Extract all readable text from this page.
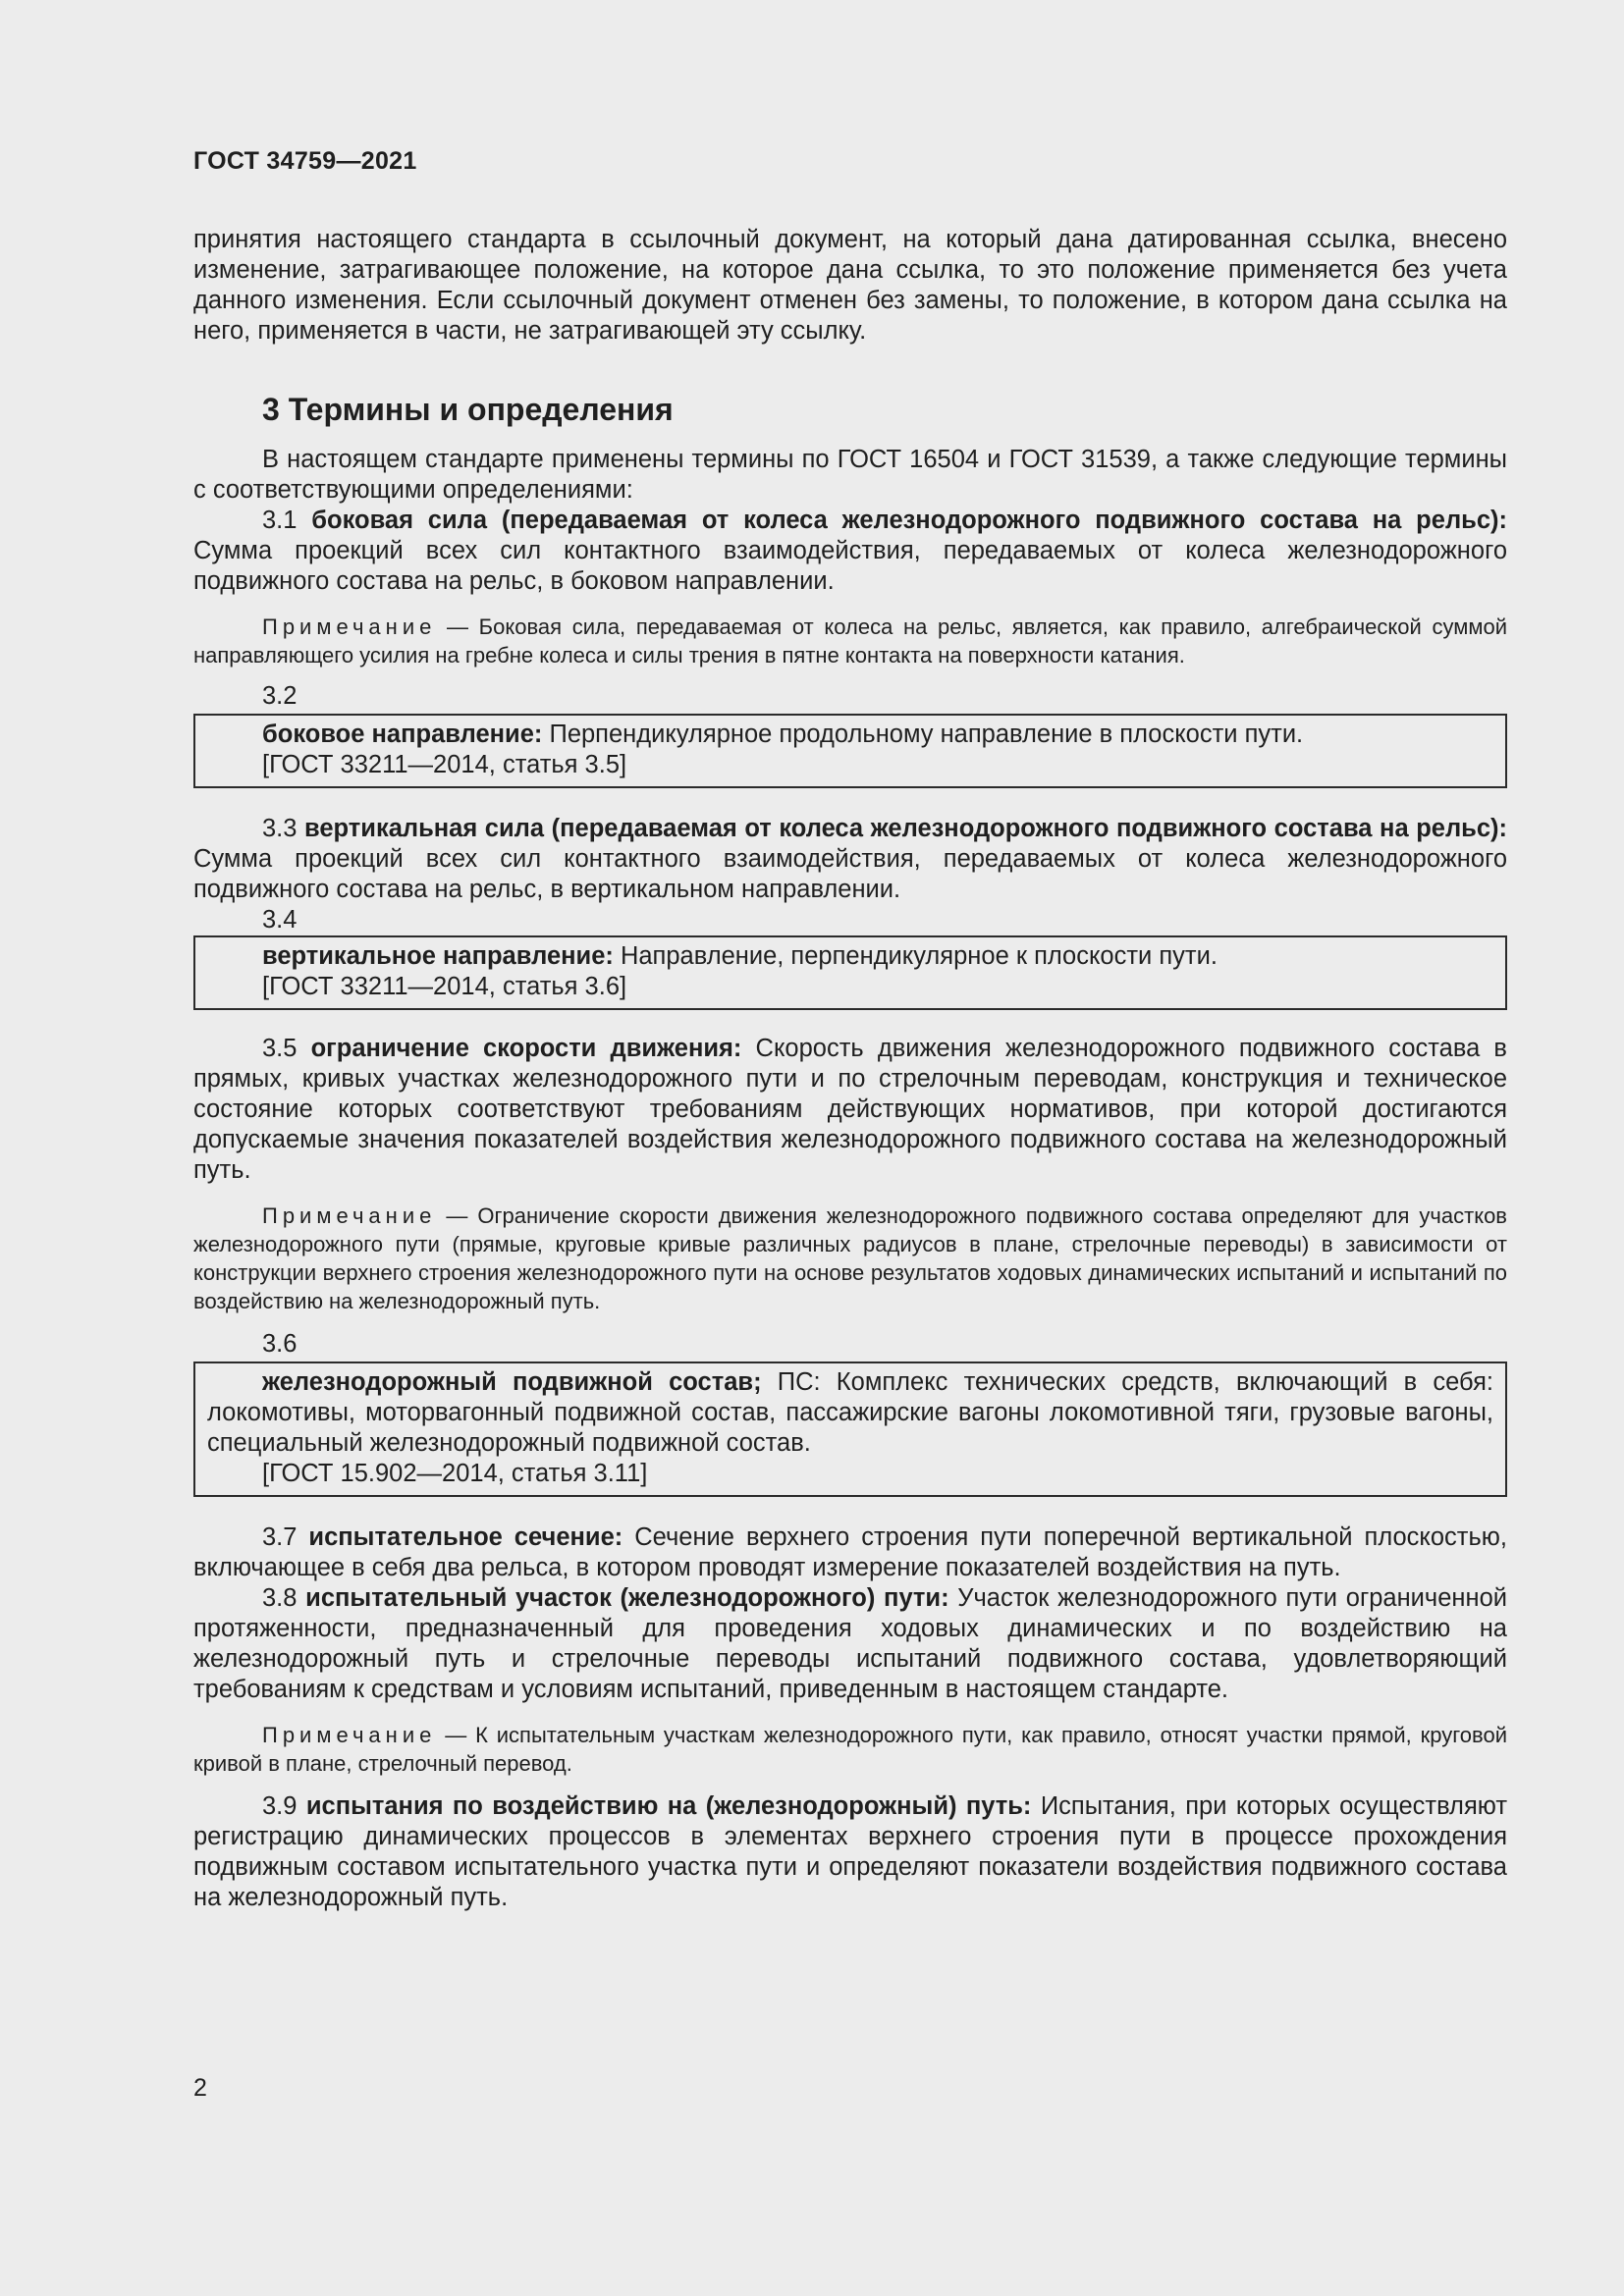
ГОСТ 34759—2021

принятия настоящего стандарта в ссылочный документ, на который дана датированная ссылка, внесено изменение, затрагивающее положение, на которое дана ссылка, то это положение применяется без учета данного изменения. Если ссылочный документ отменен без замены, то положение, в котором дана ссылка на него, применяется в части, не затрагивающей эту ссылку.

3 Термины и определения

В настоящем стандарте применены термины по ГОСТ 16504 и ГОСТ 31539, а также следующие термины с соответствующими определениями:

3.1 боковая сила (передаваемая от колеса железнодорожного подвижного состава на рельс): Сумма проекций всех сил контактного взаимодействия, передаваемых от колеса железнодорожного подвижного состава на рельс, в боковом направлении.

Примечание — Боковая сила, передаваемая от колеса на рельс, является, как правило, алгебраической суммой направляющего усилия на гребне колеса и силы трения в пятне контакта на поверхности катания.

3.2

боковое направление: Перпендикулярное продольному направление в плоскости пути.

[ГОСТ 33211—2014, статья 3.5]

3.3 вертикальная сила (передаваемая от колеса железнодорожного подвижного состава на рельс): Сумма проекций всех сил контактного взаимодействия, передаваемых от колеса железнодорожного подвижного состава на рельс, в вертикальном направлении.

3.4

вертикальное направление: Направление, перпендикулярное к плоскости пути.

[ГОСТ 33211—2014, статья 3.6]

3.5 ограничение скорости движения: Скорость движения железнодорожного подвижного состава в прямых, кривых участках железнодорожного пути и по стрелочным переводам, конструкция и техническое состояние которых соответствуют требованиям действующих нормативов, при которой достигаются допускаемые значения показателей воздействия железнодорожного подвижного состава на железнодорожный путь.

Примечание — Ограничение скорости движения железнодорожного подвижного состава определяют для участков железнодорожного пути (прямые, круговые кривые различных радиусов в плане, стрелочные переводы) в зависимости от конструкции верхнего строения железнодорожного пути на основе результатов ходовых динамических испытаний и испытаний по воздействию на железнодорожный путь.

3.6

железнодорожный подвижной состав; ПС: Комплекс технических средств, включающий в себя: локомотивы, моторвагонный подвижной состав, пассажирские вагоны локомотивной тяги, грузовые вагоны, специальный железнодорожный подвижной состав.

[ГОСТ 15.902—2014, статья 3.11]

3.7 испытательное сечение: Сечение верхнего строения пути поперечной вертикальной плоскостью, включающее в себя два рельса, в котором проводят измерение показателей воздействия на путь.

3.8 испытательный участок (железнодорожного) пути: Участок железнодорожного пути ограниченной протяженности, предназначенный для проведения ходовых динамических и по воздействию на железнодорожный путь и стрелочные переводы испытаний подвижного состава, удовлетворяющий требованиям к средствам и условиям испытаний, приведенным в настоящем стандарте.

Примечание — К испытательным участкам железнодорожного пути, как правило, относят участки прямой, круговой кривой в плане, стрелочный перевод.

3.9 испытания по воздействию на (железнодорожный) путь: Испытания, при которых осуществляют регистрацию динамических процессов в элементах верхнего строения пути в процессе прохождения подвижным составом испытательного участка пути и определяют показатели воздействия подвижного состава на железнодорожный путь.

2
